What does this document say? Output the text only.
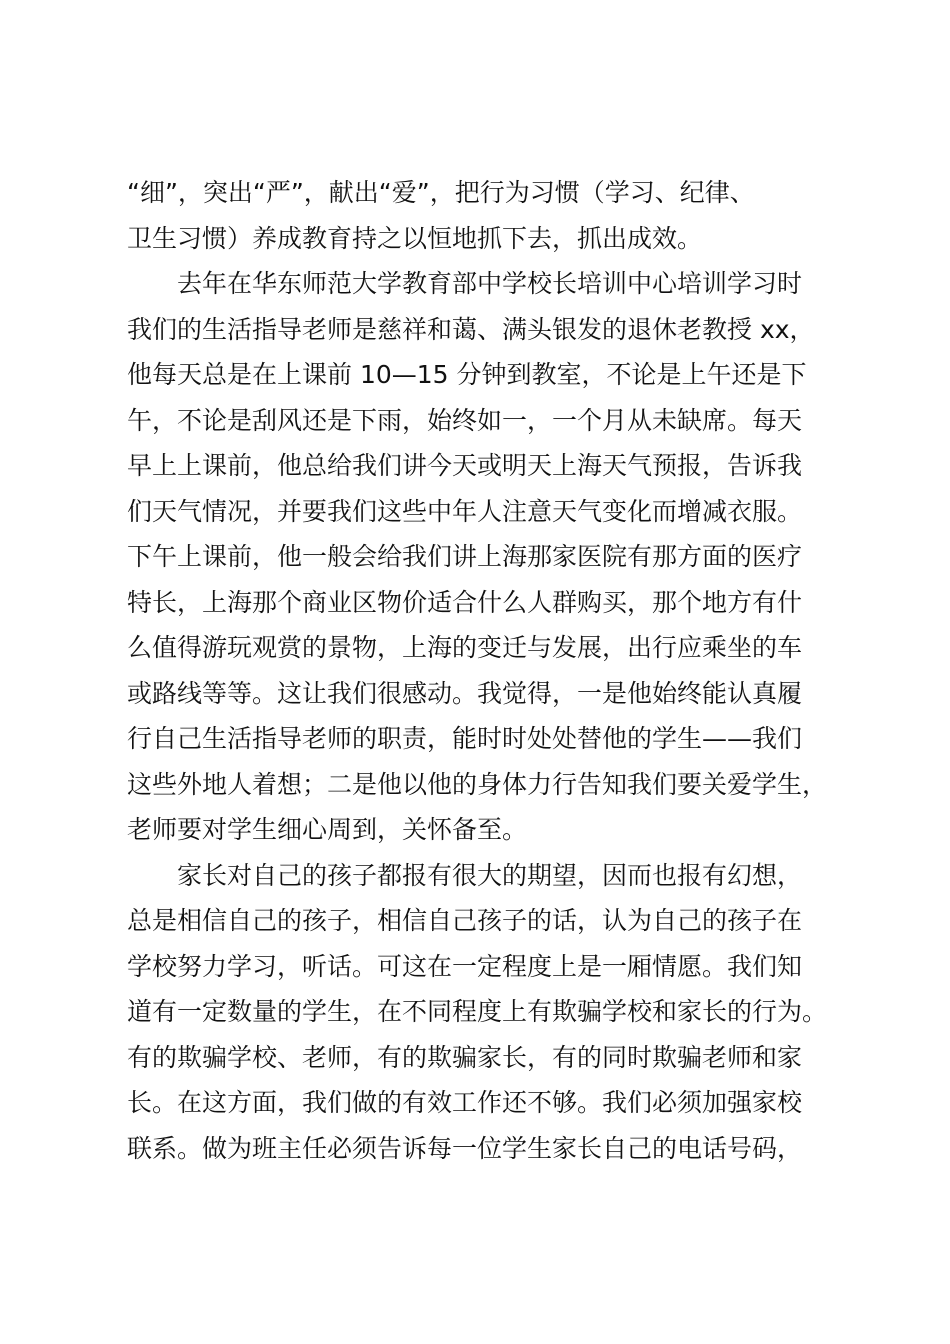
“细”，突出“严”，献出“爱”，把行为习惯（学习、纪律、
卫生习惯）养成教育持之以恒地抓下去，抓出成效。
　　去年在华东师范大学教育部中学校长培训中心培训学习时
我们的生活指导老师是慈祥和蔼、满头银发的退休老教授 xx，
他每天总是在上课前 10—15 分钟到教室，不论是上午还是下
午，不论是刮风还是下雨，始终如一，一个月从未缺席。每天
早上上课前，他总给我们讲今天或明天上海天气预报，告诉我
们天气情况，并要我们这些中年人注意天气变化而增减衣服。
下午上课前，他一般会给我们讲上海那家医院有那方面的医疗
特长，上海那个商业区物价适合什么人群购买，那个地方有什
么值得游玩观赏的景物，上海的变迁与发展，出行应乘坐的车
或路线等等。这让我们很感动。我觉得，一是他始终能认真履
行自己生活指导老师的职责，能时时处处替他的学生——我们
这些外地人着想；二是他以他的身体力行告知我们要关爱学生，
老师要对学生细心周到，关怀备至。
　　家长对自己的孩子都报有很大的期望，因而也报有幻想，
总是相信自己的孩子，相信自己孩子的话，认为自己的孩子在
学校努力学习，听话。可这在一定程度上是一厢情愿。我们知
道有一定数量的学生，在不同程度上有欺骗学校和家长的行为。
有的欺骗学校、老师，有的欺骗家长，有的同时欺骗老师和家
长。在这方面，我们做的有效工作还不够。我们必须加强家校
联系。做为班主任必须告诉每一位学生家长自己的电话号码，
